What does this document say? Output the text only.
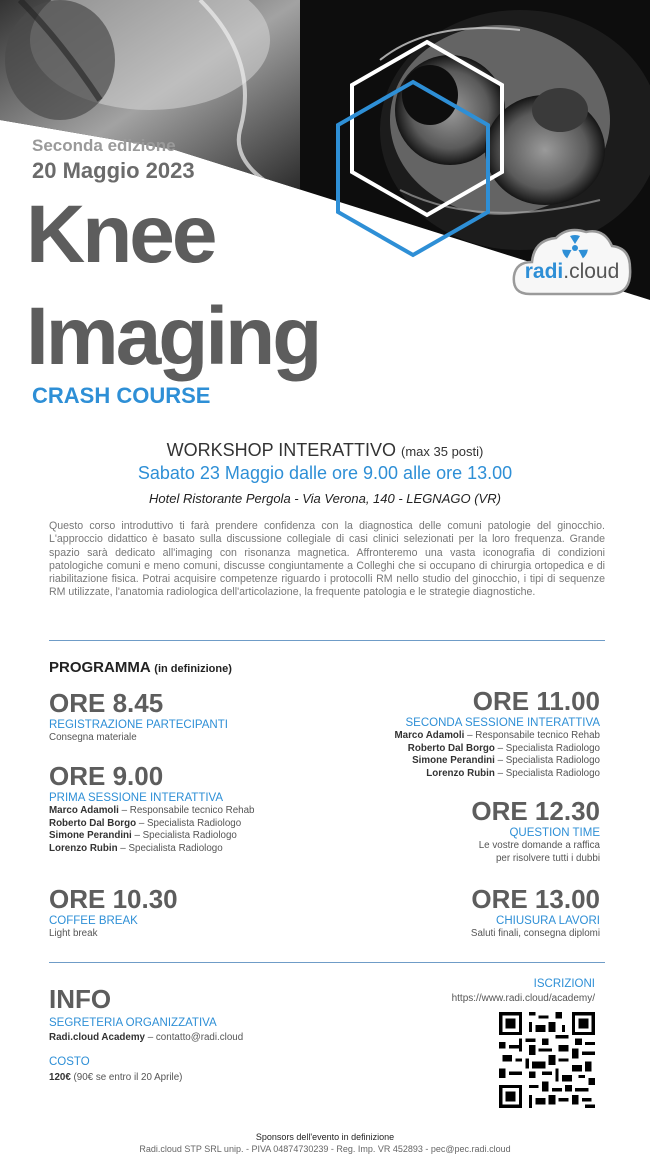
Seconda edizione
20 Maggio 2023
Knee
Imaging
CRASH COURSE
radi.cloud
WORKSHOP INTERATTIVO (max 35 posti)
Sabato 23 Maggio dalle ore 9.00 alle ore 13.00
Hotel Ristorante Pergola - Via Verona, 140 - LEGNAGO (VR)
Questo corso introduttivo ti farà prendere confidenza con la diagnostica delle comuni patologie del ginocchio. L'approccio didattico è basato sulla discussione collegiale di casi clinici selezionati per la loro frequenza. Grande spazio sarà dedicato all'imaging con risonanza magnetica. Affronteremo una vasta iconografia di condizioni patologiche comuni e meno comuni, discusse congiuntamente a Colleghi che si occupano di chirurgia ortopedica e di riabilitazione fisica. Potrai acquisire competenze riguardo i protocolli RM nello studio del ginocchio, i tipi di sequenze RM utilizzate, l'anatomia radiologica dell'articolazione, la frequente patologia e le strategie diagnostiche.
PROGRAMMA (in definizione)
ORE 8.45
REGISTRAZIONE PARTECIPANTI
Consegna materiale
ORE 9.00
PRIMA SESSIONE INTERATTIVA
Marco Adamoli – Responsabile tecnico Rehab
Roberto Dal Borgo – Specialista Radiologo
Simone Perandini – Specialista Radiologo
Lorenzo Rubin – Specialista Radiologo
ORE 10.30
COFFEE BREAK
Light break
ORE 11.00
SECONDA SESSIONE INTERATTIVA
Marco Adamoli – Responsabile tecnico Rehab
Roberto Dal Borgo – Specialista Radiologo
Simone Perandini – Specialista Radiologo
Lorenzo Rubin – Specialista Radiologo
ORE 12.30
QUESTION TIME
Le vostre domande a raffica
per risolvere tutti i dubbi
ORE 13.00
CHIUSURA LAVORI
Saluti finali, consegna diplomi
INFO
SEGRETERIA ORGANIZZATIVA
Radi.cloud Academy – contatto@radi.cloud
COSTO
120€ (90€ se entro il 20 Aprile)
ISCRIZIONI
https://www.radi.cloud/academy/
Sponsors dell'evento in definizione
Radi.cloud STP SRL unip. - PIVA 04874730239 - Reg. Imp. VR 452893 - pec@pec.radi.cloud
